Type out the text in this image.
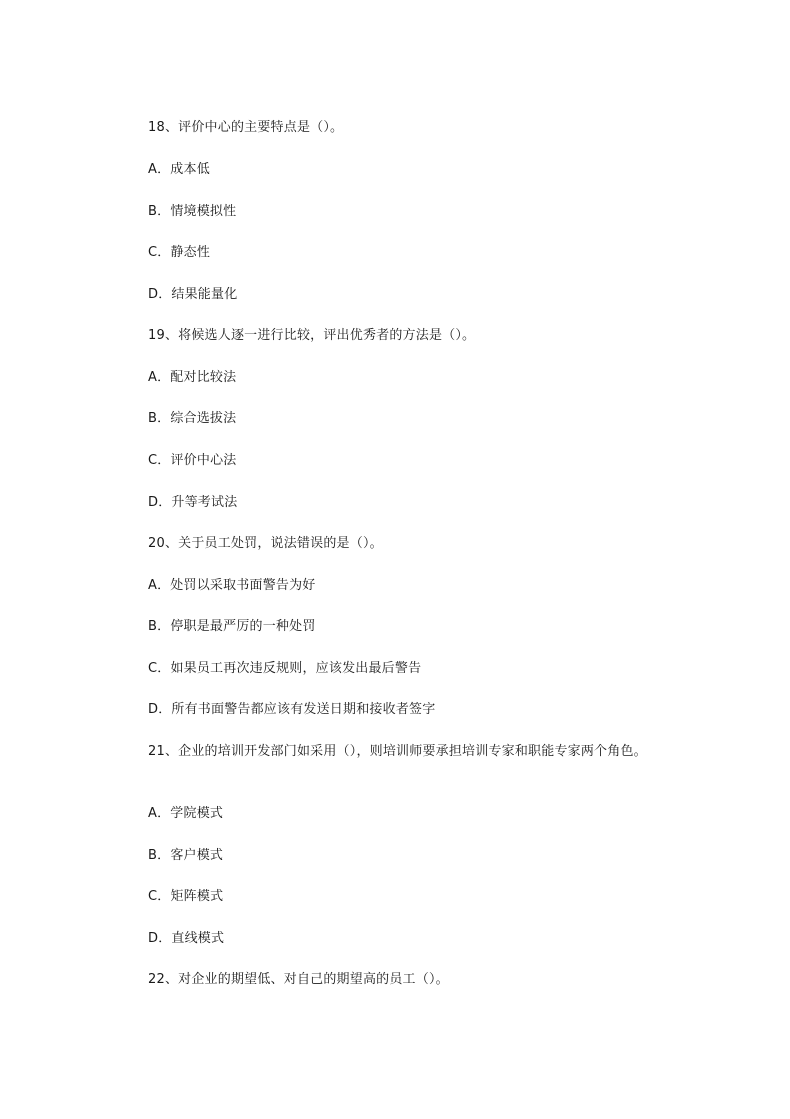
18、评价中心的主要特点是（）。
A．成本低
B．情境模拟性
C．静态性
D．结果能量化
19、将候选人逐一进行比较，评出优秀者的方法是（）。
A．配对比较法
B．综合选拔法
C．评价中心法
D．升等考试法
20、关于员工处罚，说法错误的是（）。
A．处罚以采取书面警告为好
B．停职是最严厉的一种处罚
C．如果员工再次违反规则，应该发出最后警告
D．所有书面警告都应该有发送日期和接收者签字
21、企业的培训开发部门如采用（），则培训师要承担培训专家和职能专家两个角色。
A．学院模式
B．客户模式
C．矩阵模式
D．直线模式
22、对企业的期望低、对自己的期望高的员工（）。
